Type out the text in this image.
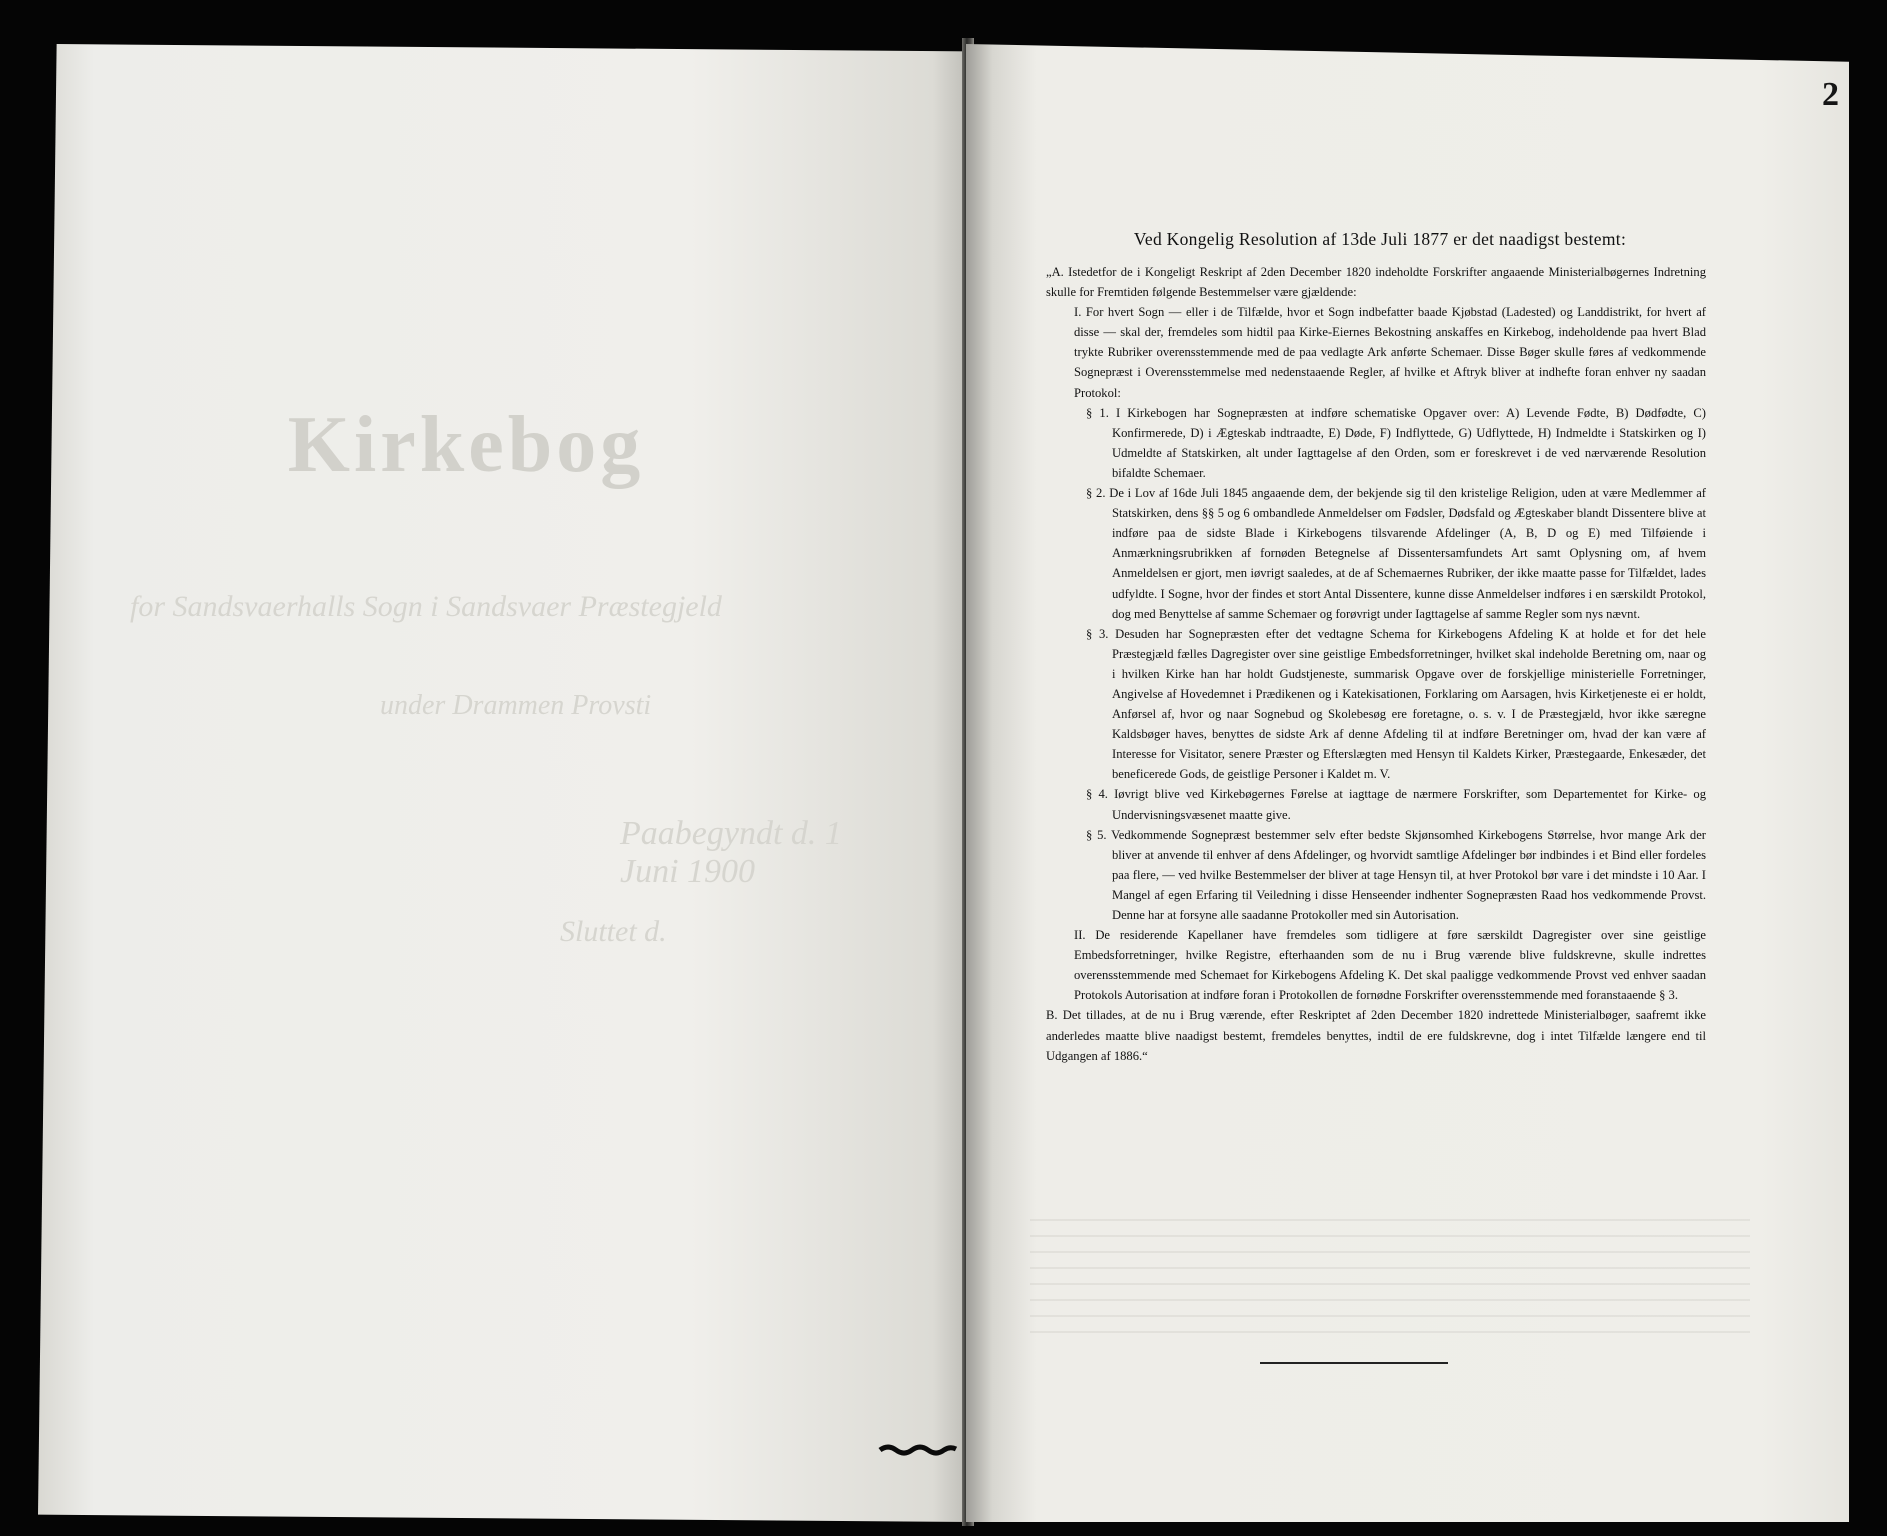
Kirkebog
for Sandsvaerhalls Sogn i Sandsvaer Præstegjeld
under Drammen Provsti
Paabegyndt d. 1 Juni 1900
Sluttet d.
2
Ved Kongelig Resolution af 13de Juli 1877 er det naadigst bestemt:

„A. Istedetfor de i Kongeligt Reskript af 2den December 1820 indeholdte Forskrifter angaaende Ministerialbøgernes Indretning skulle for Fremtiden følgende Bestemmelser være gjældende:

I. For hvert Sogn — eller i de Tilfælde, hvor et Sogn indbefatter baade Kjøbstad (Ladested) og Landdistrikt, for hvert af disse — skal der, fremdeles som hidtil paa Kirke-Eiernes Bekostning anskaffes en Kirkebog, indeholdende paa hvert Blad trykte Rubriker overensstemmende med de paa vedlagte Ark anførte Schemaer. Disse Bøger skulle føres af vedkommende Sognepræst i Overensstemmelse med nedenstaaende Regler, af hvilke et Aftryk bliver at indhefte foran enhver ny saadan Protokol:

§ 1. I Kirkebogen har Sognepræsten at indføre schematiske Opgaver over: A) Levende Fødte, B) Dødfødte, C) Konfirmerede, D) i Ægteskab indtraadte, E) Døde, F) Indflyttede, G) Udflyttede, H) Indmeldte i Statskirken og I) Udmeldte af Statskirken, alt under Iagttagelse af den Orden, som er foreskrevet i de ved nærværende Resolution bifaldte Schemaer.

§ 2. De i Lov af 16de Juli 1845 angaaende dem, der bekjende sig til den kristelige Religion, uden at være Medlemmer af Statskirken, dens §§ 5 og 6 ombandlede Anmeldelser om Fødsler, Dødsfald og Ægteskaber blandt Dissentere blive at indføre paa de sidste Blade i Kirkebogens tilsvarende Afdelinger (A, B, D og E) med Tilføiende i Anmærkningsrubrikken af fornøden Betegnelse af Dissentersamfundets Art samt Oplysning om, af hvem Anmeldelsen er gjort, men iøvrigt saaledes, at de af Schemaernes Rubriker, der ikke maatte passe for Tilfældet, lades udfyldte. I Sogne, hvor der findes et stort Antal Dissentere, kunne disse Anmeldelser indføres i en særskildt Protokol, dog med Benyttelse af samme Schemaer og forøvrigt under Iagttagelse af samme Regler som nys nævnt.

§ 3. Desuden har Sognepræsten efter det vedtagne Schema for Kirkebogens Afdeling K at holde et for det hele Præstegjæld fælles Dagregister over sine geistlige Embedsforretninger, hvilket skal indeholde Beretning om, naar og i hvilken Kirke han har holdt Gudstjeneste, summarisk Opgave over de forskjellige ministerielle Forretninger, Angivelse af Hovedemnet i Prædikenen og i Katekisationen, Forklaring om Aarsagen, hvis Kirketjeneste ei er holdt, Anførsel af, hvor og naar Sognebud og Skolebesøg ere foretagne, o. s. v. I de Præstegjæld, hvor ikke særegne Kaldsbøger haves, benyttes de sidste Ark af denne Afdeling til at indføre Beretninger om, hvad der kan være af Interesse for Visitator, senere Præster og Efterslægten med Hensyn til Kaldets Kirker, Præstegaarde, Enkesæder, det beneficerede Gods, de geistlige Personer i Kaldet m. V.

§ 4. Iøvrigt blive ved Kirkebøgernes Førelse at iagttage de nærmere Forskrifter, som Departementet for Kirke- og Undervisningsvæsenet maatte give.

§ 5. Vedkommende Sognepræst bestemmer selv efter bedste Skjønsomhed Kirkebogens Størrelse, hvor mange Ark der bliver at anvende til enhver af dens Afdelinger, og hvorvidt samtlige Afdelinger bør indbindes i et Bind eller fordeles paa flere, — ved hvilke Bestemmelser der bliver at tage Hensyn til, at hver Protokol bør vare i det mindste i 10 Aar. I Mangel af egen Erfaring til Veiledning i disse Henseender indhenter Sognepræsten Raad hos vedkommende Provst. Denne har at forsyne alle saadanne Protokoller med sin Autorisation.

II. De residerende Kapellaner have fremdeles som tidligere at føre særskildt Dagregister over sine geistlige Embedsforretninger, hvilke Registre, efterhaanden som de nu i Brug værende blive fuldskrevne, skulle indrettes overensstemmende med Schemaet for Kirkebogens Afdeling K. Det skal paaligge vedkommende Provst ved enhver saadan Protokols Autorisation at indføre foran i Protokollen de fornødne Forskrifter overensstemmende med foranstaaende § 3.

B. Det tillades, at de nu i Brug værende, efter Reskriptet af 2den December 1820 indrettede Ministerialbøger, saafremt ikke anderledes maatte blive naadigst bestemt, fremdeles benyttes, indtil de ere fuldskrevne, dog i intet Tilfælde længere end til Udgangen af 1886.“
